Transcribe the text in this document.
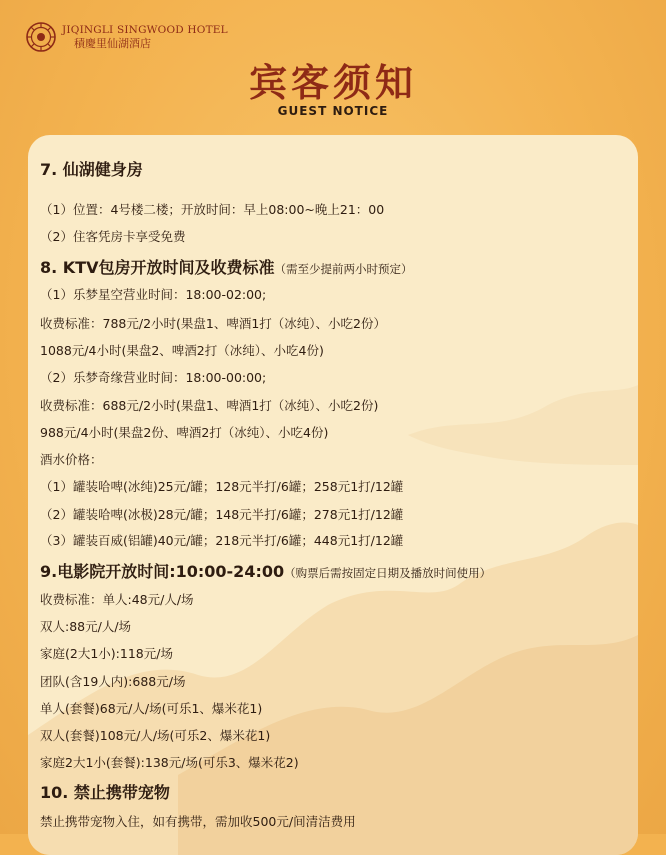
JIQINGLI SINGWOOD HOTEL
積慶里仙湖酒店
宾客须知
GUEST NOTICE
7. 仙湖健身房
（1）位置：4号楼二楼；开放时间：早上08:00~晚上21：00
（2）住客凭房卡享受免费
8. KTV包房开放时间及收费标准（需至少提前两小时预定）
（1）乐梦星空营业时间：18:00-02:00;
收费标准：788元/2小时(果盘1、啤酒1打（冰纯）、小吃2份）
1088元/4小时(果盘2、啤酒2打（冰纯）、小吃4份)
（2）乐梦奇缘营业时间：18:00-00:00;
收费标准：688元/2小时(果盘1、啤酒1打（冰纯）、小吃2份)
988元/4小时(果盘2份、啤酒2打（冰纯）、小吃4份)
酒水价格：
（1）罐装哈啤(冰纯)25元/罐；128元半打/6罐；258元1打/12罐
（2）罐装哈啤(冰极)28元/罐；148元半打/6罐；278元1打/12罐
（3）罐装百威(铝罐)40元/罐；218元半打/6罐；448元1打/12罐
9.电影院开放时间:10:00-24:00（购票后需按固定日期及播放时间使用）
收费标准：单人:48元/人/场
双人:88元/人/场
家庭(2大1小):118元/场
团队(含19人内):688元/场
单人(套餐)68元/人/场(可乐1、爆米花1)
双人(套餐)108元/人/场(可乐2、爆米花1)
家庭2大1小(套餐):138元/场(可乐3、爆米花2)
10. 禁止携带宠物
禁止携带宠物入住，如有携带，需加收500元/间清洁费用
